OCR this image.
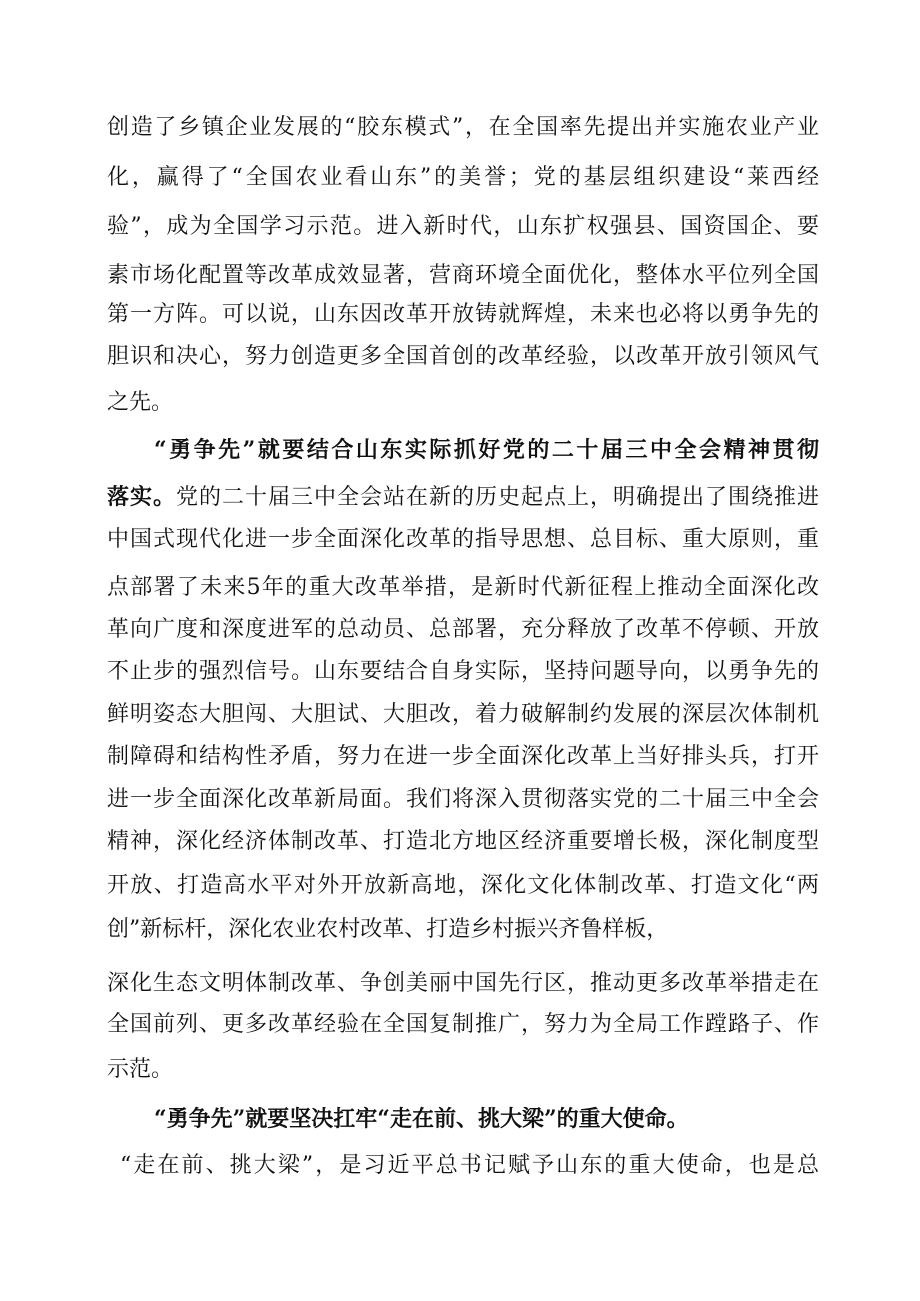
创造了乡镇企业发展的“胶东模式”，在全国率先提出并实施农业产业
化，赢得了“全国农业看山东”的美誉；党的基层组织建设“莱西经
验”，成为全国学习示范。进入新时代，山东扩权强县、国资国企、要
素市场化配置等改革成效显著，营商环境全面优化，整体水平位列全国
第一方阵。可以说，山东因改革开放铸就辉煌，未来也必将以勇争先的
胆识和决心，努力创造更多全国首创的改革经验，以改革开放引领风气
之先。
“勇争先”就要结合山东实际抓好党的二十届三中全会精神贯彻
落实。党的二十届三中全会站在新的历史起点上，明确提出了围绕推进
中国式现代化进一步全面深化改革的指导思想、总目标、重大原则，重
点部署了未来5年的重大改革举措，是新时代新征程上推动全面深化改
革向广度和深度进军的总动员、总部署，充分释放了改革不停顿、开放
不止步的强烈信号。山东要结合自身实际，坚持问题导向，以勇争先的
鲜明姿态大胆闯、大胆试、大胆改，着力破解制约发展的深层次体制机
制障碍和结构性矛盾，努力在进一步全面深化改革上当好排头兵，打开
进一步全面深化改革新局面。我们将深入贯彻落实党的二十届三中全会
精神，深化经济体制改革、打造北方地区经济重要增长极，深化制度型
开放、打造高水平对外开放新高地，深化文化体制改革、打造文化“两
创”新标杆，深化农业农村改革、打造乡村振兴齐鲁样板，
深化生态文明体制改革、争创美丽中国先行区，推动更多改革举措走在
全国前列、更多改革经验在全国复制推广，努力为全局工作蹚路子、作
示范。
“勇争先”就要坚决扛牢“走在前、挑大梁”的重大使命。
“走在前、挑大梁”，是习近平总书记赋予山东的重大使命，也是总
